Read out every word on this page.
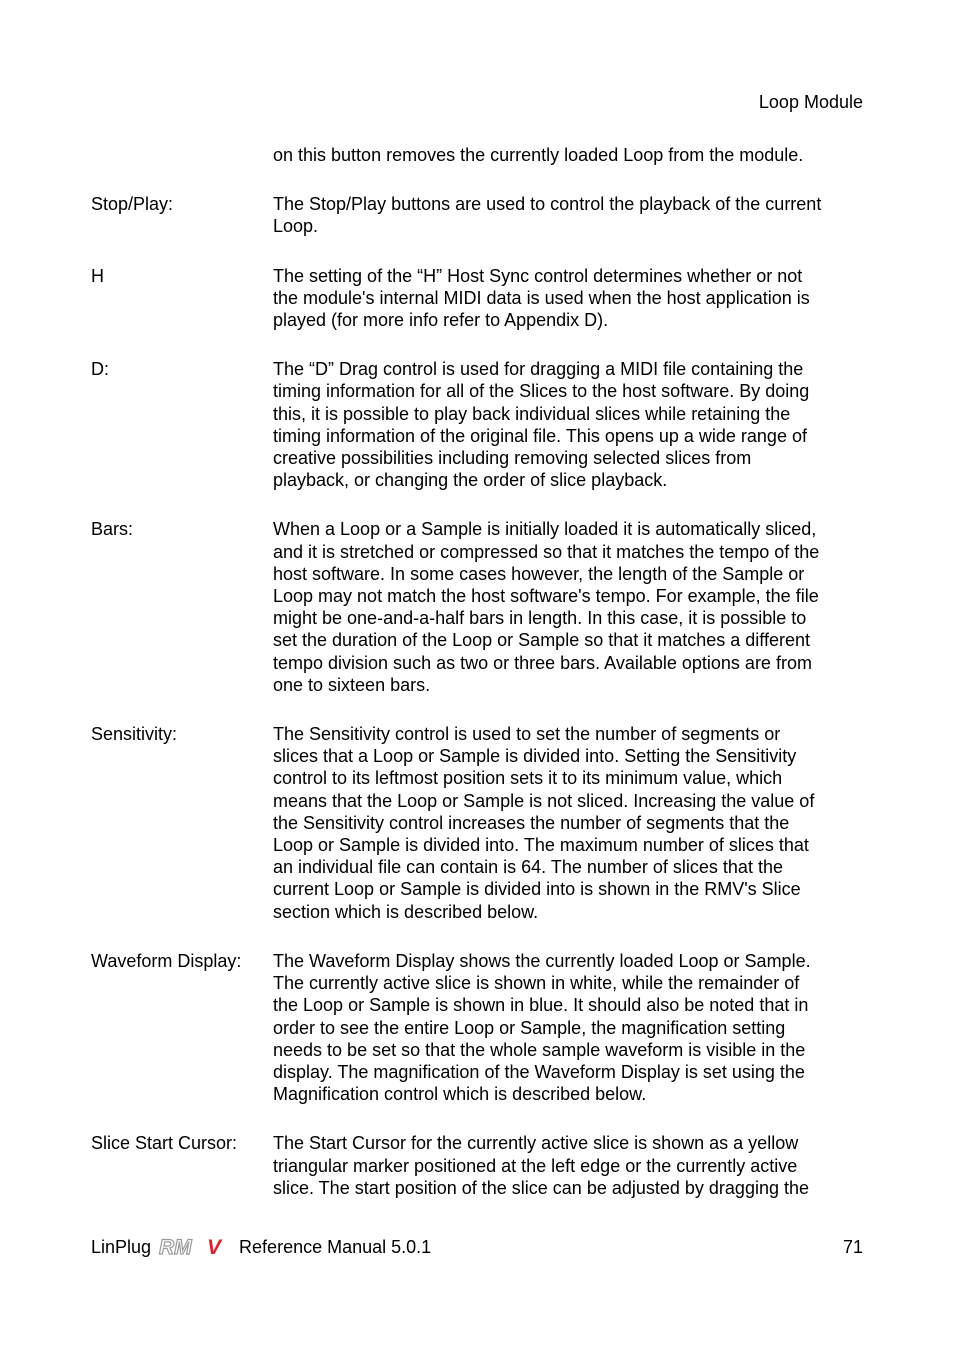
Loop Module
on this button removes the currently loaded Loop from the module.
Stop/Play:	The Stop/Play buttons are used to control the playback of the current
Loop.
H	The setting of the “H” Host Sync control determines whether or not
the module's internal MIDI data is used when the host application is
played (for more info refer to Appendix D).
D:	The “D” Drag control is used for dragging a MIDI file containing the
timing information for all of the Slices to the host software. By doing
this, it is possible to play back individual slices while retaining the
timing information of the original file. This opens up a wide range of
creative possibilities including removing selected slices from
playback, or changing the order of slice playback.
Bars:	When a Loop or a Sample is initially loaded it is automatically sliced,
and it is stretched or compressed so that it matches the tempo of the
host software. In some cases however, the length of the Sample or
Loop may not match the host software's tempo. For example, the file
might be one-and-a-half bars in length. In this case, it is possible to
set the duration of the Loop or Sample so that it matches a different
tempo division such as two or three bars. Available options are from
one to sixteen bars.
Sensitivity:	The Sensitivity control is used to set the number of segments or
slices that a Loop or Sample is divided into. Setting the Sensitivity
control to its leftmost position sets it to its minimum value, which
means that the Loop or Sample is not sliced. Increasing the value of
the Sensitivity control increases the number of segments that the
Loop or Sample is divided into. The maximum number of slices that
an individual file can contain is 64. The number of slices that the
current Loop or Sample is divided into is shown in the RMV's Slice
section which is described below.
Waveform Display:	The Waveform Display shows the currently loaded Loop or Sample.
The currently active slice is shown in white, while the remainder of
the Loop or Sample is shown in blue. It should also be noted that in
order to see the entire Loop or Sample, the magnification setting
needs to be set so that the whole sample waveform is visible in the
display. The magnification of the Waveform Display is set using the
Magnification control which is described below.
Slice Start Cursor:	The Start Cursor for the currently active slice is shown as a yellow
triangular marker positioned at the left edge or the currently active
slice. The start position of the slice can be adjusted by dragging the
LinPlug RM V Reference Manual 5.0.1	71
